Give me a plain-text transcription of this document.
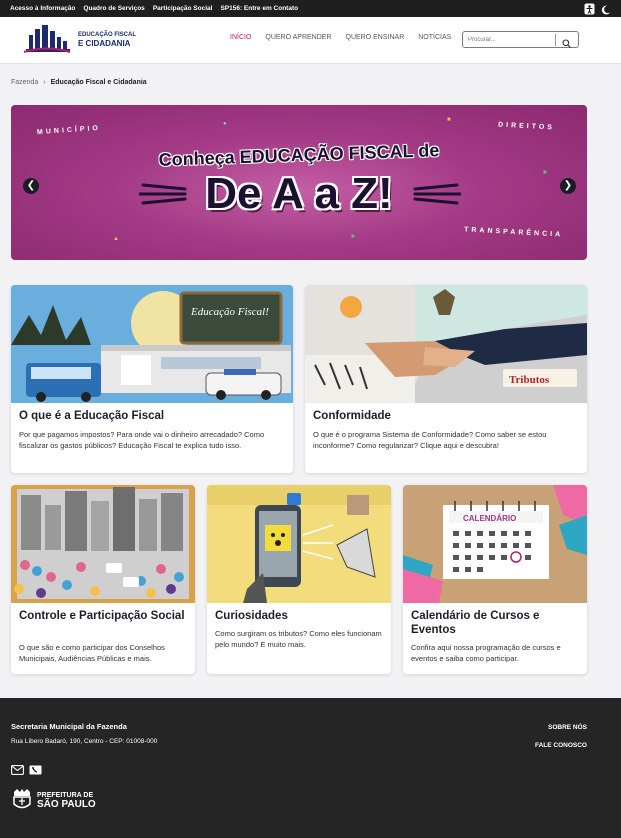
Acesso à Informação Quadro de Serviços Participação Social SP156: Entre em Contato
EDUCAÇÃO FISCAL
E CIDADANIA
INÍCIO QUERO APRENDER QUERO ENSINAR NOTÍCIAS
Procurar...
Fazenda › Educação Fiscal e Cidadania
MUNICÍPIO	DIREITOS
TRANSPARÊNCIA
●
■
■
▲	■
Conheça EDUCAÇÃO FISCAL de
De A a Z!
❮	❯
Educação Fiscal!
O que é a Educação Fiscal

Por que pagamos impostos? Para onde vai o dinheiro arrecadado? Como fiscalizar os gastos públicos? Educação Fiscal te explica tudo isso.

Tributos
Conformidade

O que é o programa Sistema de Conformidade? Como saber se estou inconforme? Como regularizar? Clique aqui e descubra!

Controle e Participação Social

O que são e como participar dos Conselhos Municipais, Audiências Públicas e mais.

Curiosidades

Como surgiram os tributos? Como eles funcionam pelo mundo? E muito mais.

CALENDÁRIO
Calendário de Cursos e Eventos

Confira aqui nossa programação de cursos e eventos e saiba como participar.

Secretaria Municipal da Fazenda
Rua Líbero Badaró, 190, Centro - CEP: 01008-000
SOBRE NÓS
FALE CONOSCO
PREFEITURA DE
SÃO PAULO
